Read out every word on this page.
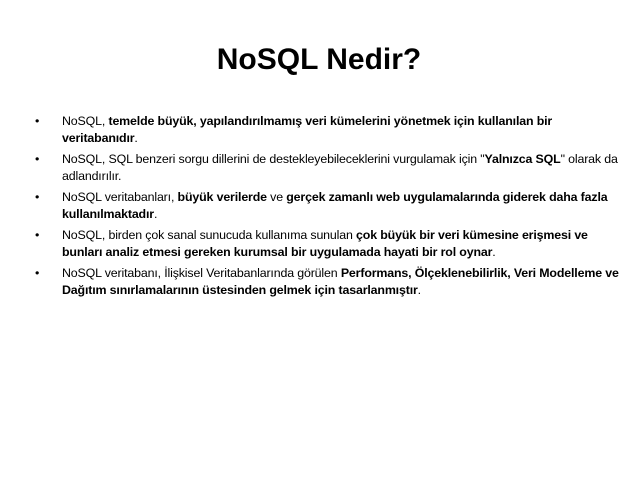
NoSQL Nedir?
• NoSQL, temelde büyük, yapılandırılmamış veri kümelerini yönetmek için kullanılan bir veritabanıdır.
• NoSQL, SQL benzeri sorgu dillerini de destekleyebileceklerini vurgulamak için "Yalnızca SQL" olarak da adlandırılır.
• NoSQL veritabanları, büyük verilerde ve gerçek zamanlı web uygulamalarında giderek daha fazla kullanılmaktadır.
• NoSQL, birden çok sanal sunucuda kullanıma sunulan çok büyük bir veri kümesine erişmesi ve bunları analiz etmesi gereken kurumsal bir uygulamada hayati bir rol oynar.
• NoSQL veritabanı, İlişkisel Veritabanlarında görülen Performans, Ölçeklenebilirlik, Veri Modelleme ve Dağıtım sınırlamalarının üstesinden gelmek için tasarlanmıştır.
